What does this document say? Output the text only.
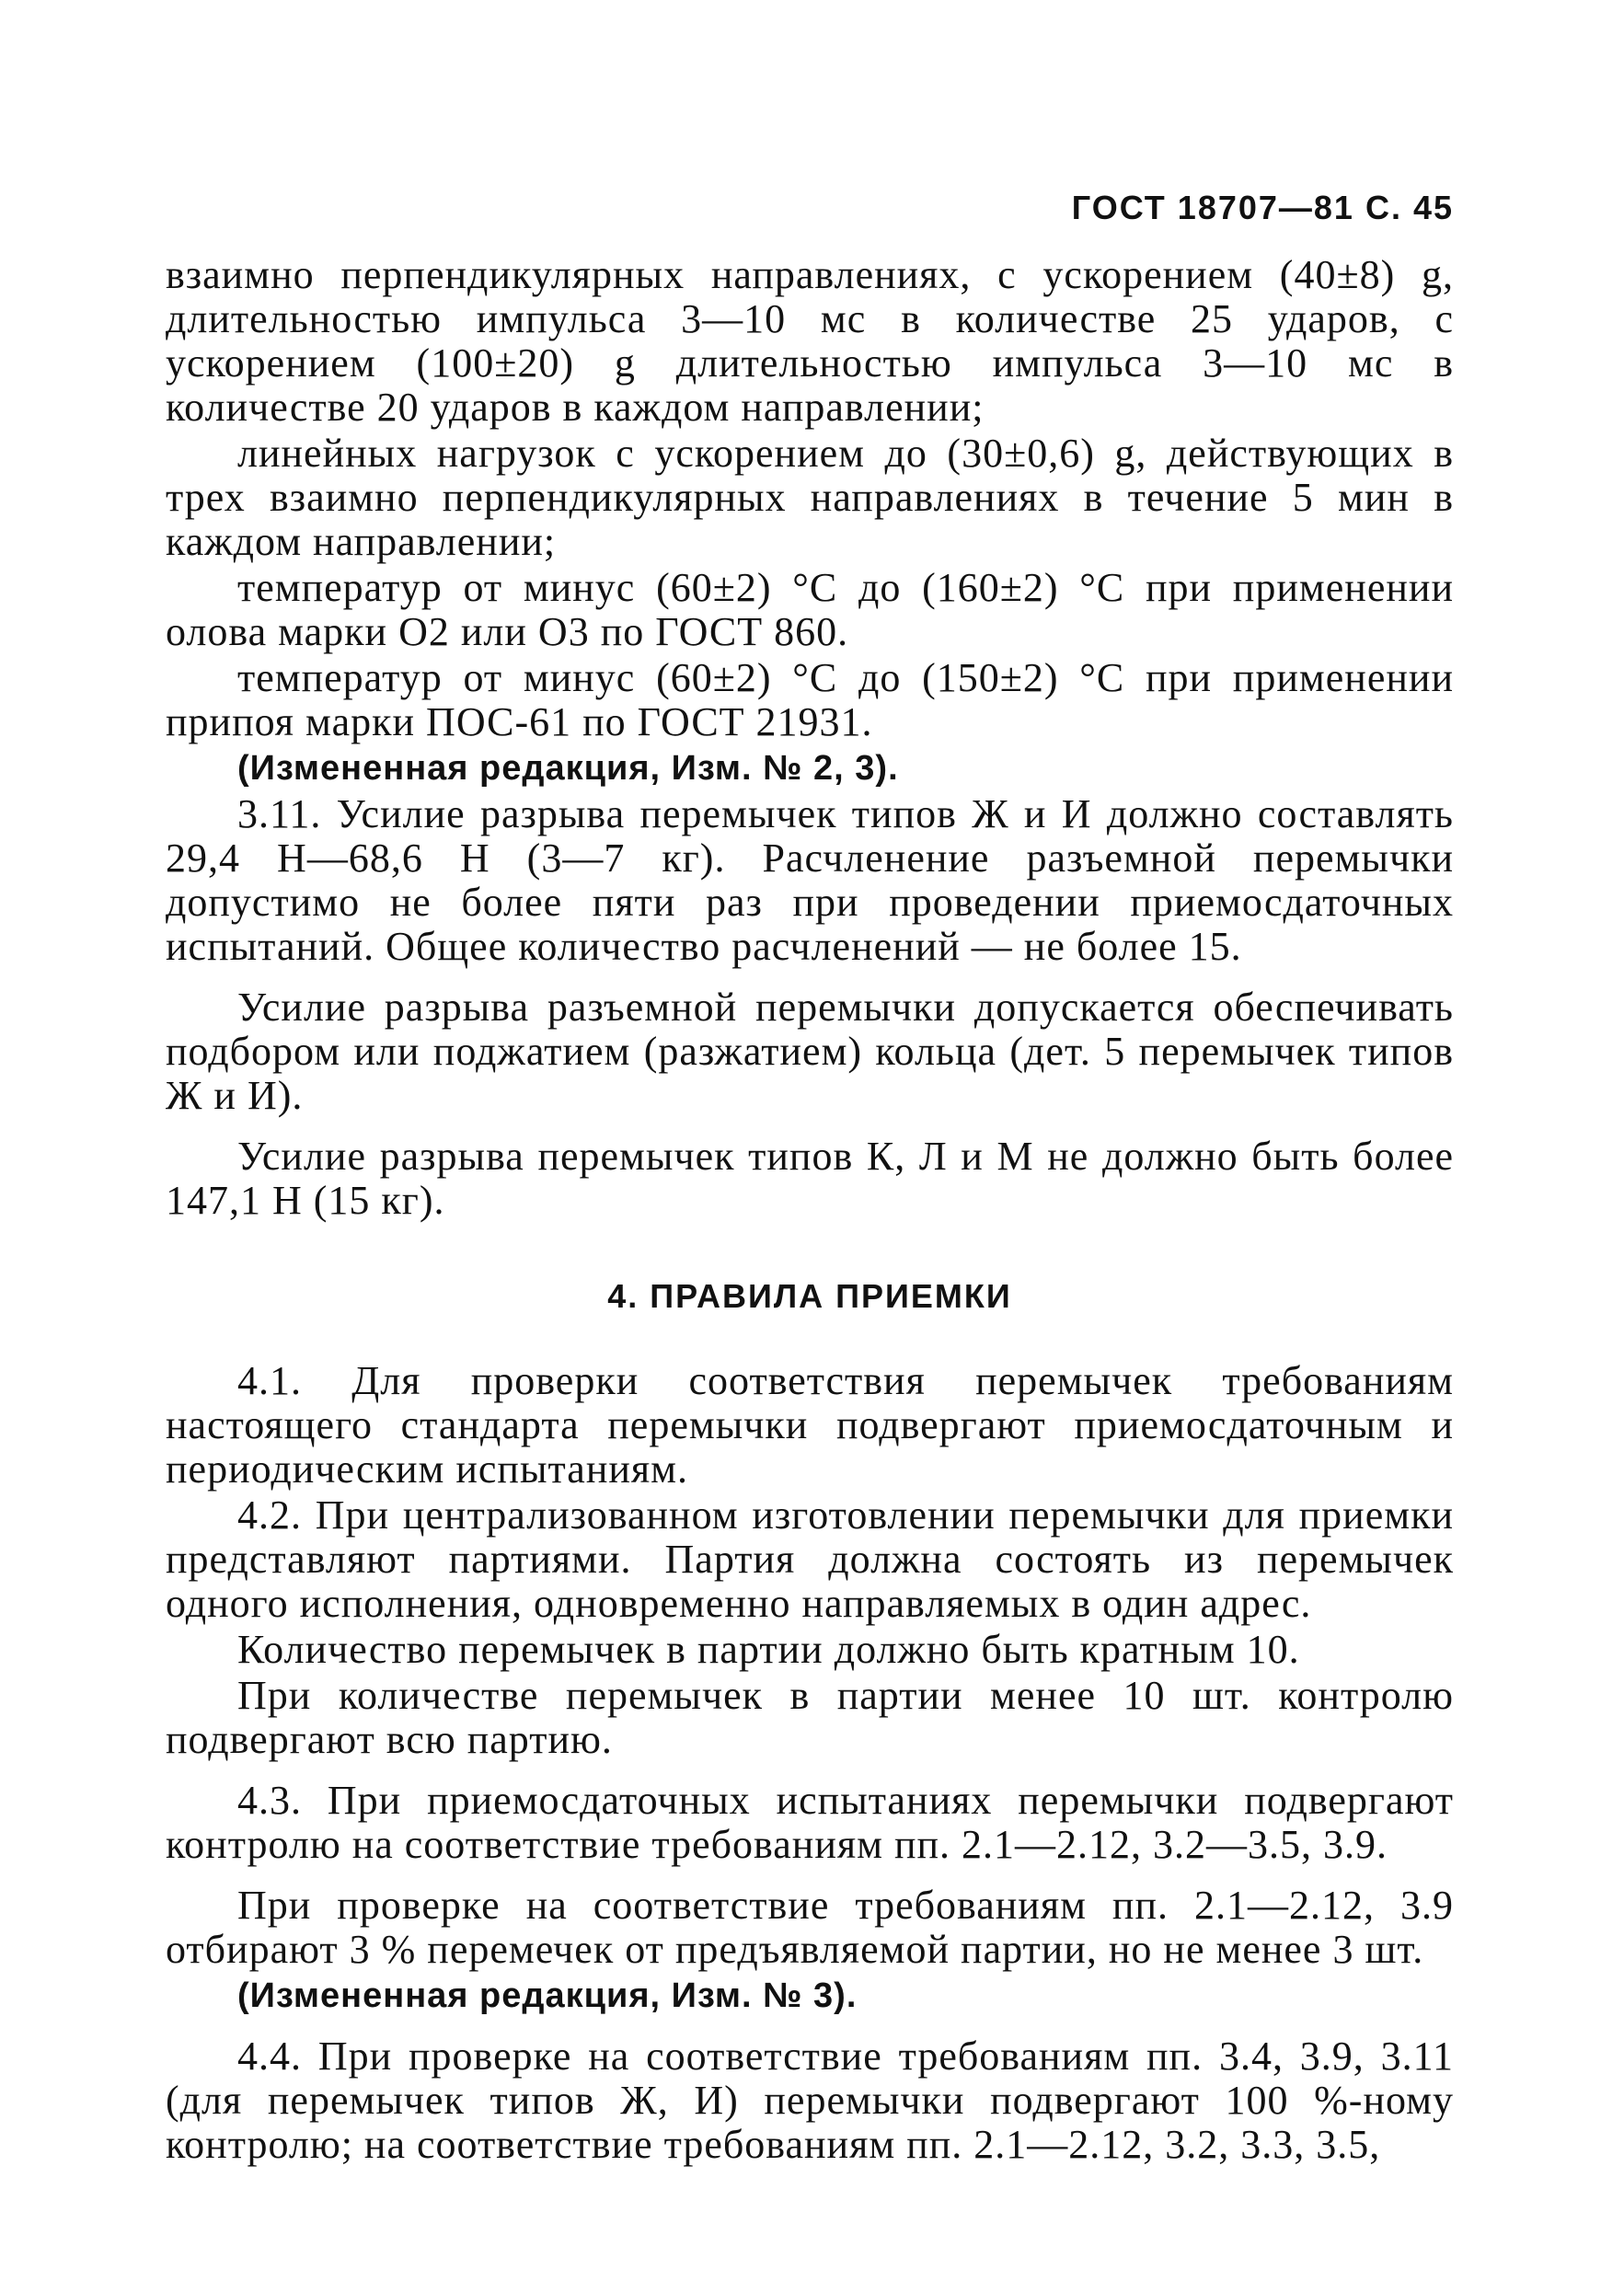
ГОСТ 18707—81 С. 45

взаимно перпендикулярных направлениях, с ускорением (40±8) g, длительностью импульса 3—10 мс в количестве 25 ударов, с ускорением (100±20) g длительностью импульса 3—10 мс в количестве 20 ударов в каждом направлении;

линейных нагрузок с ускорением до (30±0,6) g, действующих в трех взаимно перпендикулярных направлениях в течение 5 мин в каждом направлении;

температур от минус (60±2) °С до (160±2) °С при применении олова марки О2 или О3 по ГОСТ 860.

температур от минус (60±2) °С до (150±2) °С при применении припоя марки ПОС-61 по ГОСТ 21931.

(Измененная редакция, Изм. № 2, 3).

3.11. Усилие разрыва перемычек типов Ж и И должно составлять 29,4 Н—68,6 Н (3—7 кг). Расчленение разъемной перемычки допустимо не более пяти раз при проведении приемосдаточных испытаний. Общее количество расчленений — не более 15.

Усилие разрыва разъемной перемычки допускается обеспечивать подбором или поджатием (разжатием) кольца (дет. 5 перемычек типов Ж и И).

Усилие разрыва перемычек типов К, Л и М не должно быть более 147,1 Н (15 кг).

4. ПРАВИЛА ПРИЕМКИ

4.1. Для проверки соответствия перемычек требованиям настоящего стандарта перемычки подвергают приемосдаточным и периодическим испытаниям.

4.2. При централизованном изготовлении перемычки для приемки представляют партиями. Партия должна состоять из перемычек одного исполнения, одновременно направляемых в один адрес.

Количество перемычек в партии должно быть кратным 10.

При количестве перемычек в партии менее 10 шт. контролю подвергают всю партию.

4.3. При приемосдаточных испытаниях перемычки подвергают контролю на соответствие требованиям пп. 2.1—2.12, 3.2—3.5, 3.9.

При проверке на соответствие требованиям пп. 2.1—2.12, 3.9 отбирают 3 % перемечек от предъявляемой партии, но не менее 3 шт.

(Измененная редакция, Изм. № 3).

4.4. При проверке на соответствие требованиям пп. 3.4, 3.9, 3.11 (для перемычек типов Ж, И) перемычки подвергают 100 %-ному контролю; на соответствие требованиям пп. 2.1—2.12, 3.2, 3.3, 3.5,
